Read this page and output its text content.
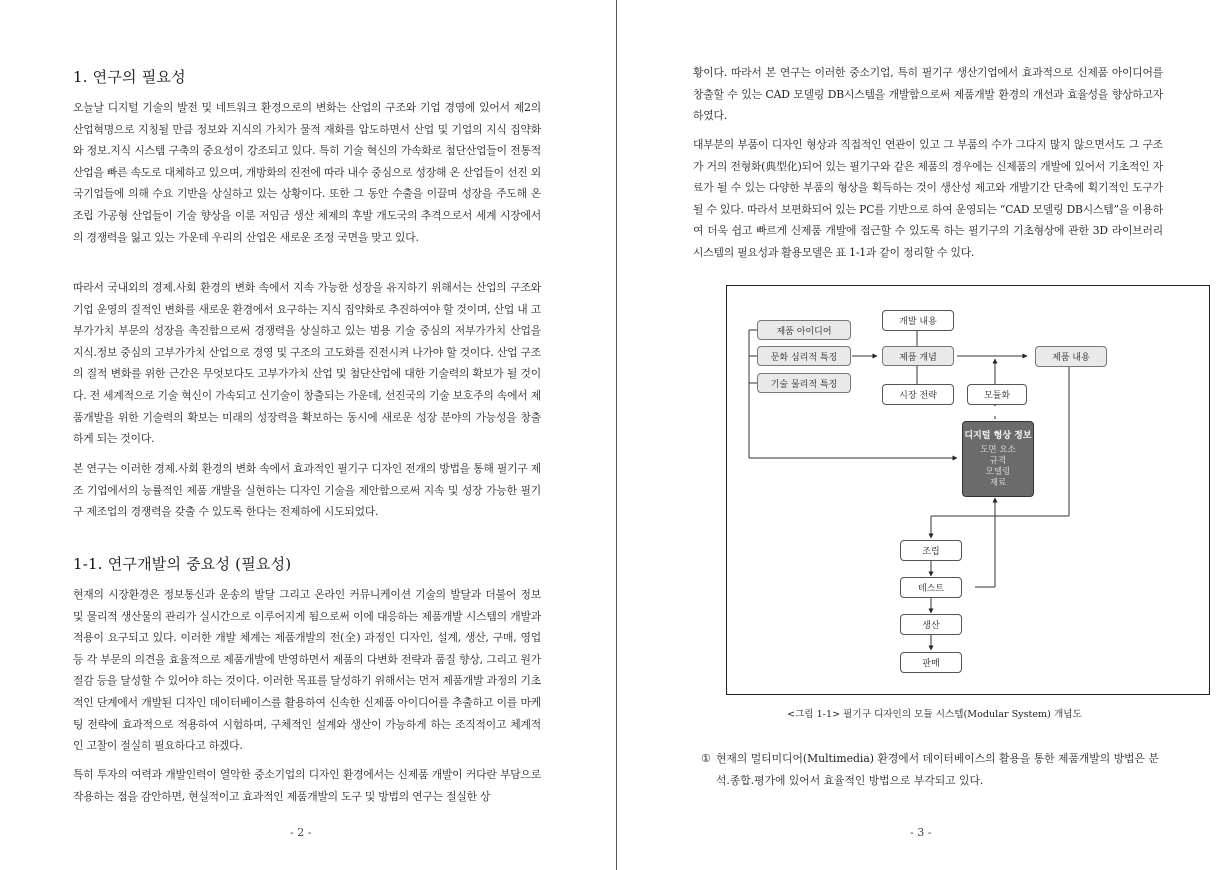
1. 연구의 필요성

오늘날 디지털 기술의 발전 및 네트워크 환경으로의 변화는 산업의 구조와 기업 경영에 있어서 제2의 산업혁명으로 지칭될 만큼 정보와 지식의 가치가 물적 재화를 압도하면서 산업 및 기업의 지식 집약화와 정보.지식 시스템 구축의 중요성이 강조되고 있다. 특히 기술 혁신의 가속화로 첨단산업들이 전통적 산업을 빠른 속도로 대체하고 있으며, 개방화의 진전에 따라 내수 중심으로 성장해 온 산업들이 선진 외국기업들에 의해 수요 기반을 상실하고 있는 상황이다. 또한 그 동안 수출을 이끌며 성장을 주도해 온 조립 가공형 산업들이 기술 향상을 이룬 저임금 생산 체제의 후발 개도국의 추격으로서 세계 시장에서의 경쟁력을 잃고 있는 가운데 우리의 산업은 새로운 조정 국면을 맞고 있다.

따라서 국내외의 경제.사회 환경의 변화 속에서 지속 가능한 성장을 유지하기 위해서는 산업의 구조와 기업 운영의 질적인 변화를 새로운 환경에서 요구하는 지식 집약화로 추진하여야 할 것이며, 산업 내 고부가가치 부문의 성장을 촉진함으로써 경쟁력을 상실하고 있는 범용 기술 중심의 저부가가치 산업을 지식.정보 중심의 고부가가치 산업으로 경영 및 구조의 고도화를 진전시켜 나가야 할 것이다. 산업 구조의 질적 변화를 위한 근간은 무엇보다도 고부가가치 산업 및 첨단산업에 대한 기술력의 확보가 될 것이다. 전 세계적으로 기술 혁신이 가속되고 신기술이 창출되는 가운데, 선진국의 기술 보호주의 속에서 제품개발을 위한 기술력의 확보는 미래의 성장력을 확보하는 동시에 새로운 성장 분야의 가능성을 창출하게 되는 것이다.

본 연구는 이러한 경제.사회 환경의 변화 속에서 효과적인 필기구 디자인 전개의 방법을 통해 필기구 제조 기업에서의 능률적인 제품 개발을 실현하는 디자인 기술을 제안함으로써 지속 및 성장 가능한 필기구 제조업의 경쟁력을 갖출 수 있도록 한다는 전제하에 시도되었다.

1-1. 연구개발의 중요성 (필요성)

현재의 시장환경은 정보통신과 운송의 발달 그리고 온라인 커뮤니케이션 기술의 발달과 더불어 정보 및 물리적 생산물의 관리가 실시간으로 이루어지게 됨으로써 이에 대응하는 제품개발 시스템의 개발과 적용이 요구되고 있다. 이러한 개발 체계는 제품개발의 전(全) 과정인 디자인, 설계, 생산, 구매, 영업 등 각 부문의 의견을 효율적으로 제품개발에 반영하면서 제품의 다변화 전략과 품질 향상, 그리고 원가 절감 등을 달성할 수 있어야 하는 것이다. 이러한 목표를 달성하기 위해서는 먼저 제품개발 과정의 기초적인 단계에서 개발된 디자인 데이터베이스를 활용하여 신속한 신제품 아이디어를 추출하고 이를 마케팅 전략에 효과적으로 적용하여 시험하며, 구체적인 설계와 생산이 가능하게 하는 조직적이고 체계적인 고찰이 절실히 필요하다고 하겠다.

특히 투자의 여력과 개발인력이 열악한 중소기업의 디자인 환경에서는 신제품 개발이 커다란 부담으로 작용하는 점을 감안하면, 현실적이고 효과적인 제품개발의 도구 및 방법의 연구는 절실한 상

- 2 -

황이다. 따라서 본 연구는 이러한 중소기업, 특히 필기구 생산기업에서 효과적으로 신제품 아이디어를 창출할 수 있는 CAD 모델링 DB시스템을 개발함으로써 제품개발 환경의 개선과 효율성을 향상하고자 하였다.

대부분의 부품이 디자인 형상과 직접적인 연관이 있고 그 부품의 수가 그다지 많지 않으면서도 그 구조가 거의 전형화(典型化)되어 있는 필기구와 같은 제품의 경우에는 신제품의 개발에 있어서 기초적인 자료가 될 수 있는 다양한 부품의 형상을 획득하는 것이 생산성 제고와 개발기간 단축에 획기적인 도구가 될 수 있다. 따라서 보편화되어 있는 PC를 기반으로 하여 운영되는 “CAD 모델링 DB시스템”을 이용하여 더욱 쉽고 빠르게 신제품 개발에 접근할 수 있도록 하는 필기구의 기초형상에 관한 3D 라이브러리 시스템의 필요성과 활용모델은 표 1-1과 같이 정리할 수 있다.

제품 아이디어
문화 심리적 특징
기술 물리적 특징
개발 내용
제품 개념
시장 전략
제품 내용
모듈화
디지털 형상 정보
도면 요소
규격
모델링
재료
조립
테스트
생산
판매
<그림 1-1> 필기구 디자인의 모듈 시스템(Modular System) 개념도
① 현재의 멀티미디어(Multimedia) 환경에서 데이터베이스의 활용을 통한 제품개발의 방법은 분석.종합.평가에 있어서 효율적인 방법으로 부각되고 있다.
- 3 -
